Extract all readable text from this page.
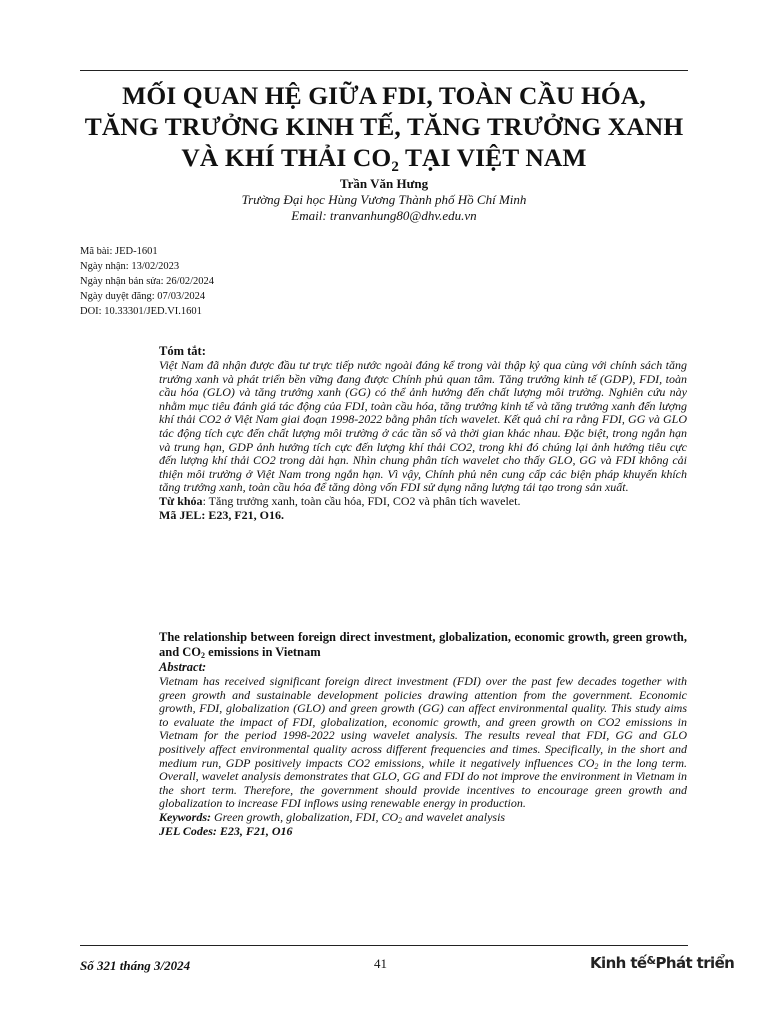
MỐI QUAN HỆ GIỮA FDI, TOÀN CẦU HÓA,
TĂNG TRƯỞNG KINH TẾ, TĂNG TRƯỞNG XANH
VÀ KHÍ THẢI $CO_2$ TẠI VIỆT NAM
Trần Văn Hưng
Trường Đại học Hùng Vương Thành phố Hồ Chí Minh
Email: tranvanhung80@dhv.edu.vn
Mã bài: JED-1601
Ngày nhận: 13/02/2023
Ngày nhận bản sửa: 26/02/2024
Ngày duyệt đăng: 07/03/2024
DOI: 10.33301/JED.VI.1601
Tóm tắt:
Việt Nam đã nhận được đầu tư trực tiếp nước ngoài đáng kể trong vài thập kỷ qua cùng với chính sách tăng trưởng xanh và phát triển bền vững đang được Chính phủ quan tâm. Tăng trưởng kinh tế (GDP), FDI, toàn cầu hóa (GLO) và tăng trưởng xanh (GG) có thể ảnh hưởng đến chất lượng môi trường. Nghiên cứu này nhằm mục tiêu đánh giá tác động của FDI, toàn cầu hóa, tăng trưởng kinh tế và tăng trưởng xanh đến lượng khí thải CO2 ở Việt Nam giai đoạn 1998-2022 bằng phân tích wavelet. Kết quả chỉ ra rằng FDI, GG và GLO tác động tích cực đến chất lượng môi trường ở các tần số và thời gian khác nhau. Đặc biệt, trong ngắn hạn và trung hạn, GDP ảnh hưởng tích cực đến lượng khí thải CO2, trong khi đó chúng lại ảnh hưởng tiêu cực đến lượng khí thải CO2 trong dài hạn. Nhìn chung phân tích wavelet cho thấy GLO, GG và FDI không cải thiện môi trường ở Việt Nam trong ngắn hạn. Vì vậy, Chính phủ nên cung cấp các biện pháp khuyến khích tăng trưởng xanh, toàn cầu hóa để tăng dòng vốn FDI sử dụng năng lượng tái tạo trong sản xuất.
Từ khóa: Tăng trưởng xanh, toàn cầu hóa, FDI, CO2 và phân tích wavelet.
Mã JEL: E23, F21, O16.
The relationship between foreign direct investment, globalization, economic growth, green growth, and $CO_2$ emissions in Vietnam
Abstract:
Vietnam has received significant foreign direct investment (FDI) over the past few decades together with green growth and sustainable development policies drawing attention from the government. Economic growth, FDI, globalization (GLO) and green growth (GG) can affect environmental quality. This study aims to evaluate the impact of FDI, globalization, economic growth, and green growth on CO2 emissions in Vietnam for the period 1998-2022 using wavelet analysis. The results reveal that FDI, GG and GLO positively affect environmental quality across different frequencies and times. Specifically, in the short and medium run, GDP positively impacts CO2 emissions, while it negatively influences $CO_2$ in the long term. Overall, wavelet analysis demonstrates that GLO, GG and FDI do not improve the environment in Vietnam in the short term. Therefore, the government should provide incentives to encourage green growth and globalization to increase FDI inflows using renewable energy in production.
Keywords: Green growth, globalization, FDI, $CO_2$ and wavelet analysis
JEL Codes: E23, F21, O16
Số 321 tháng 3/2024	41	Kinh tế&Phát triển
